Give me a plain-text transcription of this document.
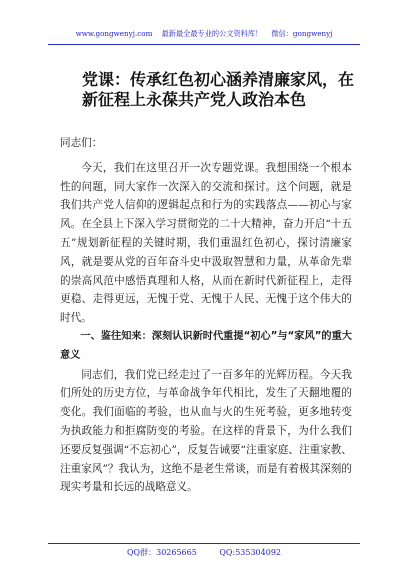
www.gongwenyj.com 最新最全最专业的公文资料库！ 微信：gongwenyj
党课：传承红色初心涵养清廉家风，在新征程上永葆共产党人政治本色

同志们：

今天，我们在这里召开一次专题党课。我想围绕一个根本性的问题，同大家作一次深入的交流和探讨。这个问题，就是我们共产党人信仰的逻辑起点和行为的实践落点——初心与家风。在全县上下深入学习贯彻党的二十大精神，奋力开启“十五五”规划新征程的关键时期，我们重温红色初心，探讨清廉家风，就是要从党的百年奋斗史中汲取智慧和力量，从革命先辈的崇高风范中感悟真理和人格，从而在新时代新征程上，走得更稳、走得更远，无愧于党、无愧于人民、无愧于这个伟大的时代。

一、鉴往知来：深刻认识新时代重提“初心”与“家风”的重大意义

同志们，我们党已经走过了一百多年的光辉历程。今天我们所处的历史方位，与革命战争年代相比，发生了天翻地覆的变化。我们面临的考验，也从血与火的生死考验，更多地转变为执政能力和拒腐防变的考验。在这样的背景下，为什么我们还要反复强调“不忘初心”，反复告诫要“注重家庭、注重家教、注重家风”？我认为，这绝不是老生常谈，而是有着极其深刻的现实考量和长远的战略意义。

QQ群：30265665	QQ:535304092
